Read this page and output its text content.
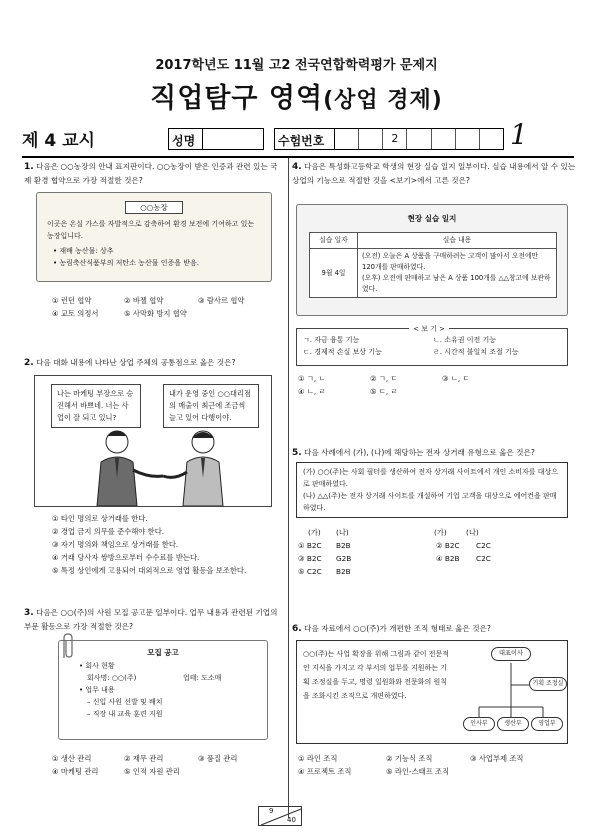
2017학년도 11월 고2 전국연합학력평가 문제지
직업탐구 영역(상업 경제)
제 4 교시	성명	수험번호	2	1
1. 다음은 ○○농장의 안내 표지판이다. ○○농장이 받은 인증과 관련 있는 국제 환경 협약으로 가장 적절한 것은?
○○농장
이곳은 온실 가스를 자발적으로 감축하여 환경 보전에 기여하고 있는 농장입니다.
• 재배 농산물: 상추
• 농림축산식품부의 저탄소 농산물 인증을 받음.
① 런던 협약	② 바젤 협약	③ 람사르 협약
④ 교토 의정서	⑤ 사막화 방지 협약
2. 다음 대화 내용에 나타난 상업 주체의 공통점으로 옳은 것은?
나는 마케팅 부장으로 승진해서 바쁘네. 너는 사업이 잘 되고 있니?
내가 운영 중인 ○○대리점의 매출이 최근에 조금씩 늘고 있어 다행이야.
① 타인 명의로 상거래를 한다.
② 경업 금지 의무를 준수해야 한다.
③ 자기 명의와 책임으로 상거래를 한다.
④ 거래 당사자 쌍방으로부터 수수료를 받는다.
⑤ 특정 상인에게 고용되어 대외적으로 영업 활동을 보조한다.
3. 다음은 ○○(주)의 사원 모집 공고문 일부이다. 업무 내용과 관련된 기업의 부문 활동으로 가장 적절한 것은?
모집 공고
• 회사 현황
회사명: ○○(주)	업태: 도소매
• 업무 내용
– 신입 사원 선발 및 배치
– 직장 내 교육 훈련 지원
① 생산 관리	② 재무 관리	③ 품질 관리
④ 마케팅 관리	⑤ 인적 자원 관리
4. 다음은 특성화고등학교 학생의 현장 실습 일지 일부이다. 실습 내용에서 알 수 있는 상업의 기능으로 적절한 것을 <보기>에서 고른 것은?
현장 실습 일지
실습 일자	실습 내용
9월 4일	(오전) 오늘은 A 상품을 구매하려는 고객이 많아서 오전에만 120개를 판매하였다.
(오후) 오전에 판매하고 남은 A 상품 100개를 △△창고에 보관하였다.
< 보 기 >
ㄱ. 자금 융통 기능	ㄴ. 소유권 이전 기능
ㄷ. 경제적 손실 보상 기능	ㄹ. 시간적 불일치 조절 기능
① ㄱ, ㄴ	② ㄱ, ㄷ	③ ㄴ, ㄷ
④ ㄴ, ㄹ	⑤ ㄷ, ㄹ
5. 다음 사례에서 (가), (나)에 해당하는 전자 상거래 유형으로 옳은 것은?
(가) ○○(주)는 사회 필터를 생산하여 전자 상거래 사이트에서 개인 소비자를 대상으로 판매하였다.
(나) △△(주)는 전자 상거래 사이트를 개설하여 기업 고객을 대상으로 에어컨을 판매하였다.
(가) (나)	(가)	(나)
① B2C B2B	② B2C C2C
③ B2C G2B	④ B2B C2C
⑤ C2C B2B
6. 다음 자료에서 ○○(주)가 개편한 조직 형태로 옳은 것은?
○○(주)는 사업 확장을 위해 그림과 같이 전문적인 지식을 가지고 각 부서의 업무를 지원하는 기획 조정실을 두고, 명령 일원화와 전문화의 원칙을 조화시킨 조직으로 개편하였다.
대표이사
기획 조정실
인사부	생산부	영업부
① 라인 조직	② 기능식 조직	③ 사업부제 조직
④ 프로젝트 조직	⑤ 라인-스태프 조직
9
40
